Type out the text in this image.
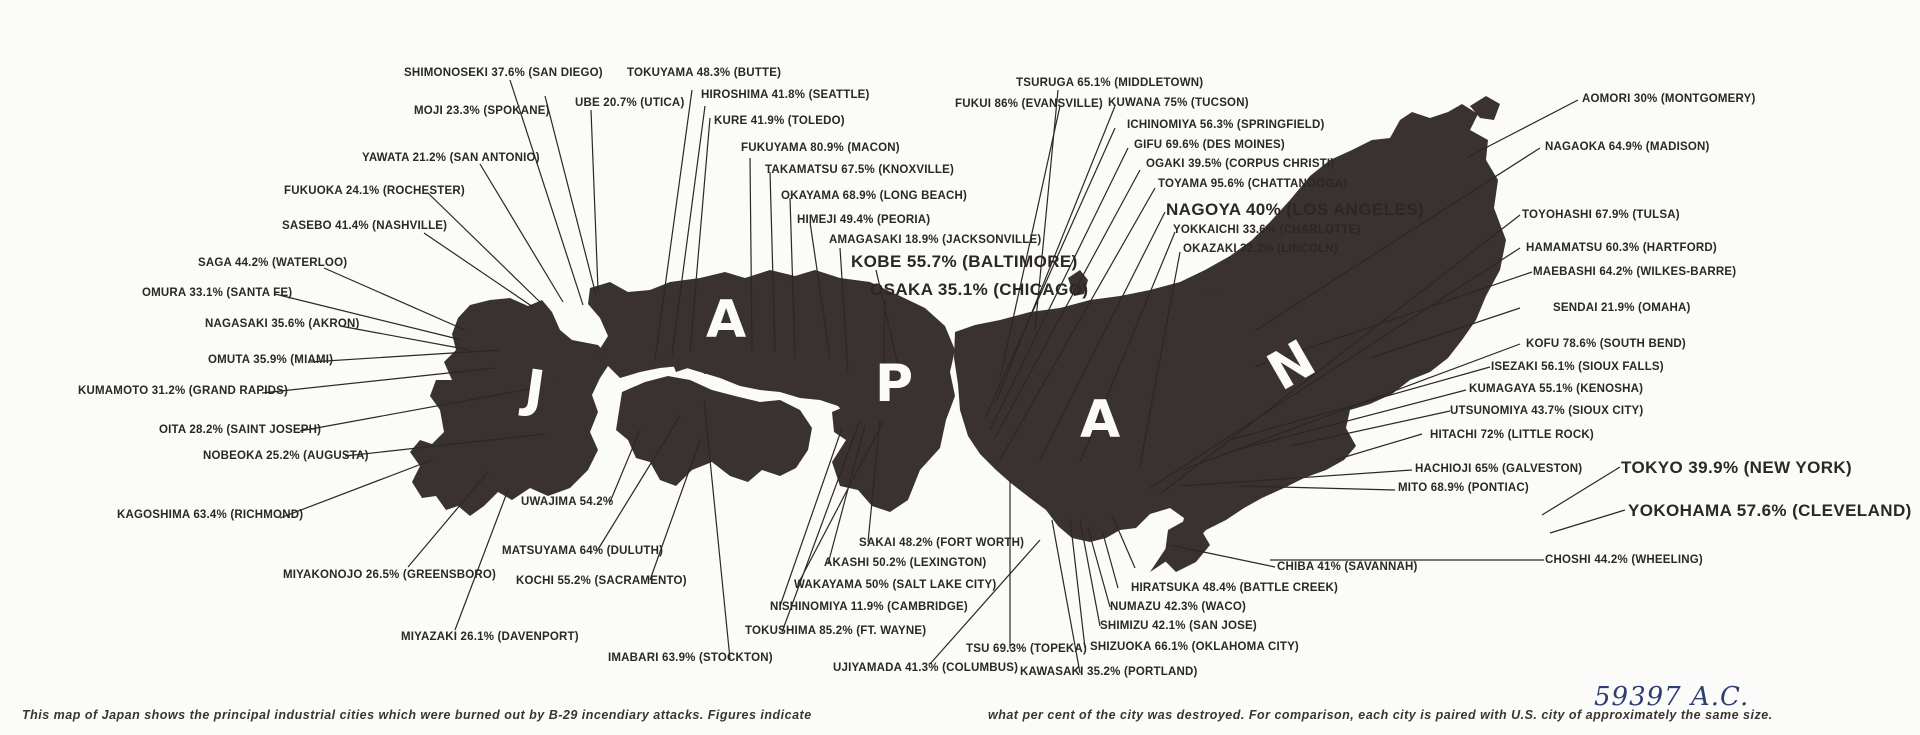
J
A
P
A
N
SHIMONOSEKI 37.6% (SAN DIEGO) TOKUYAMA 48.3% (BUTTE)
UBE 20.7% (UTICA)
HIROSHIMA 41.8% (SEATTLE)
MOJI 23.3% (SPOKANE)
KURE 41.9% (TOLEDO)
FUKUYAMA 80.9% (MACON)
YAWATA 21.2% (SAN ANTONIO)
TAKAMATSU 67.5% (KNOXVILLE)
FUKUOKA 24.1% (ROCHESTER)	OKAYAMA 68.9% (LONG BEACH)
HIMEJI 49.4% (PEORIA)
SASEBO 41.4% (NASHVILLE)
AMAGASAKI 18.9% (JACKSONVILLE)
KOBE 55.7% (BALTIMORE)
SAGA 44.2% (WATERLOO)
OSAKA 35.1% (CHICAGO)
OMURA 33.1% (SANTA FE)
NAGASAKI 35.6% (AKRON)
OMUTA 35.9% (MIAMI)
KUMAMOTO 31.2% (GRAND RAPIDS)
OITA 28.2% (SAINT JOSEPH)
NOBEOKA 25.2% (AUGUSTA)
UWAJIMA 54.2%
KAGOSHIMA 63.4% (RICHMOND)
MATSUYAMA 64% (DULUTH)
KOCHI 55.2% (SACRAMENTO)
MIYAKONOJO 26.5% (GREENSBORO)
MIYAZAKI 26.1% (DAVENPORT)
IMABARI 63.9% (STOCKTON)
TOKUSHIMA 85.2% (FT. WAYNE)
NISHINOMIYA 11.9% (CAMBRIDGE)
WAKAYAMA 50% (SALT LAKE CITY)
AKASHI 50.2% (LEXINGTON)
SAKAI 48.2% (FORT WORTH)
UJIYAMADA 41.3% (COLUMBUS)
TSU 69.3% (TOPEKA)
KAWASAKI 35.2% (PORTLAND)
SHIZUOKA 66.1% (OKLAHOMA CITY)
SHIMIZU 42.1% (SAN JOSE)
NUMAZU 42.3% (WACO)
HIRATSUKA 48.4% (BATTLE CREEK)
CHIBA 41% (SAVANNAH)
TSURUGA 65.1% (MIDDLETOWN)
FUKUI 86% (EVANSVILLE) KUWANA 75% (TUCSON)
ICHINOMIYA 56.3% (SPRINGFIELD)
GIFU 69.6% (DES MOINES)
OGAKI 39.5% (CORPUS CHRISTI)
TOYAMA 95.6% (CHATTANOOGA)
NAGOYA 40% (LOS ANGELES)
YOKKAICHI 33.6% (CHARLOTTE)
OKAZAKI 32.2% (LINCOLN)
AOMORI 30% (MONTGOMERY)
NAGAOKA 64.9% (MADISON)
TOYOHASHI 67.9% (TULSA)
HAMAMATSU 60.3% (HARTFORD)
MAEBASHI 64.2% (WILKES-BARRE)
SENDAI 21.9% (OMAHA)
KOFU 78.6% (SOUTH BEND)
ISEZAKI 56.1% (SIOUX FALLS)
KUMAGAYA 55.1% (KENOSHA)
UTSUNOMIYA 43.7% (SIOUX CITY)
HITACHI 72% (LITTLE ROCK)
HACHIOJI 65% (GALVESTON) TOKYO 39.9% (NEW YORK)
MITO 68.9% (PONTIAC)
YOKOHAMA 57.6% (CLEVELAND)
CHOSHI 44.2% (WHEELING)
This map of Japan shows the principal industrial cities which were burned out by B-29 incendiary attacks. Figures indicate	what per cent of the city was destroyed. For comparison, each city is paired with U.S. city of approximately the same size.
59397 A.C.
